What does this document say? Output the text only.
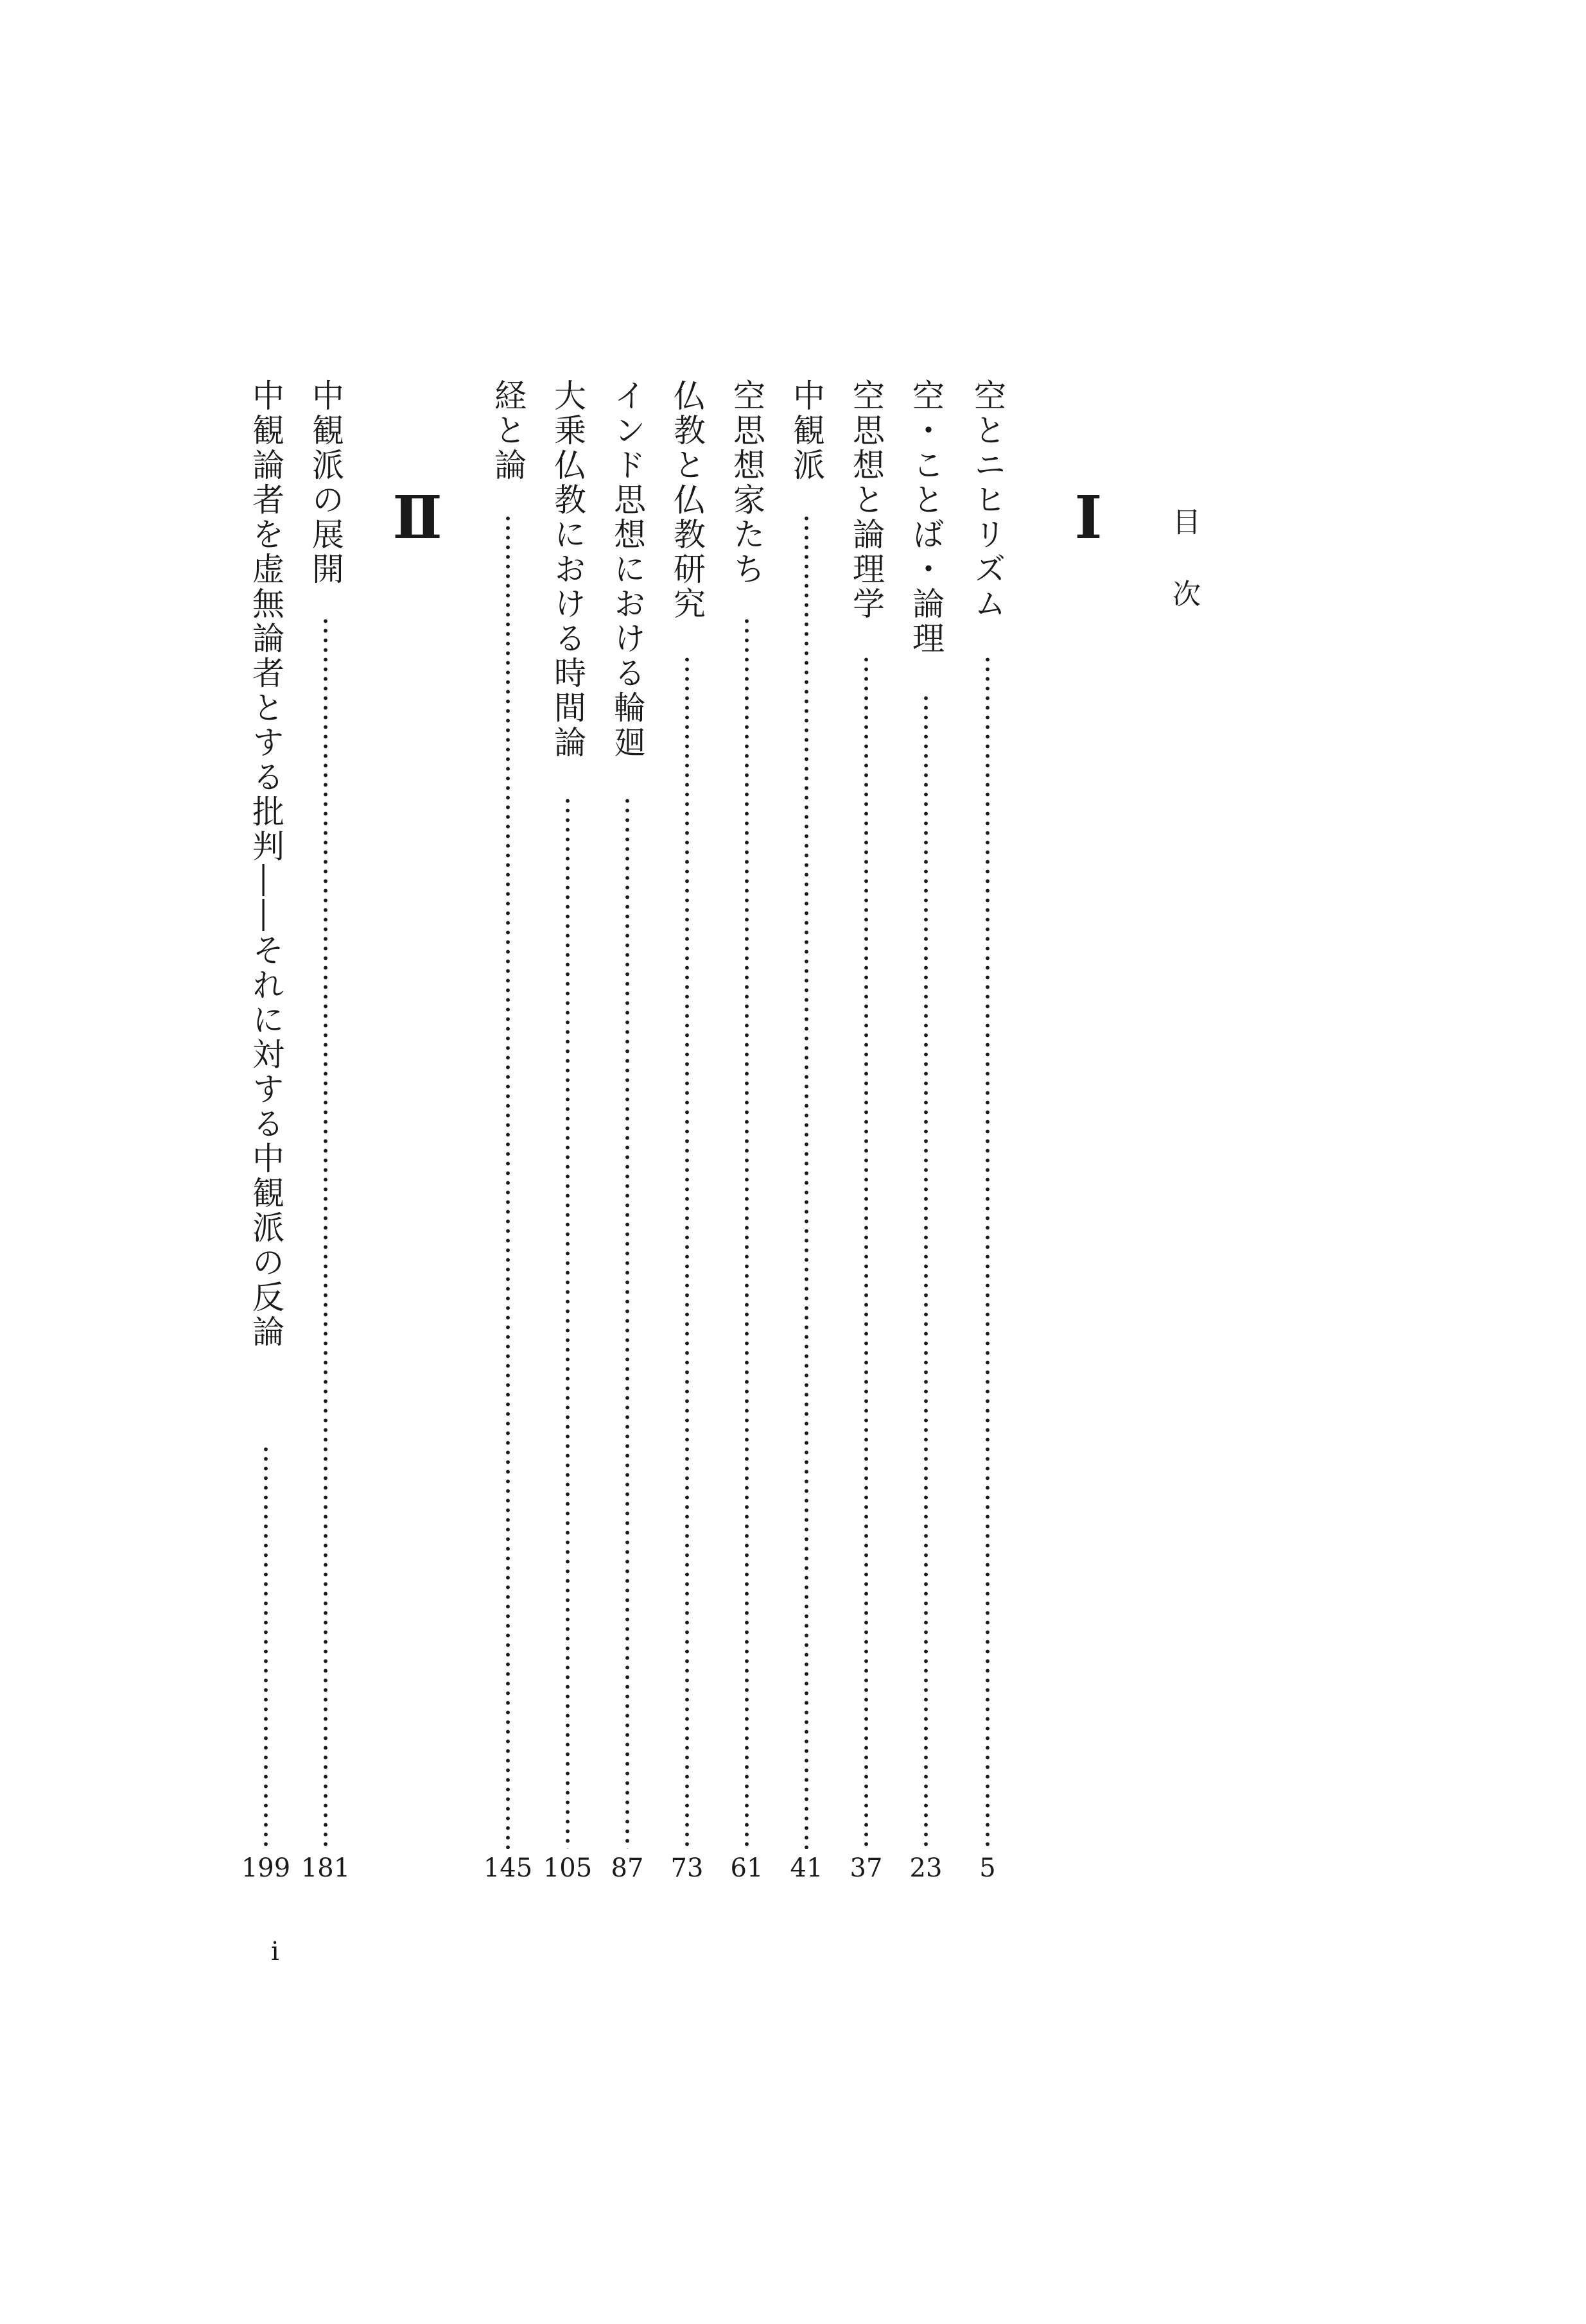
目次
Ⅰ
Ⅱ	空とニヒリズム
5
空・ことば・論理
23
空思想と論理学
37
中観派
41
空思想家たち
61
仏教と仏教研究
73
インド思想における輪廻
87
大乗仏教における時間論
105
経と論
145
中観派の展開
181
中観論者を虚無論者とする批判――それに対する中観派の反論
199
i
